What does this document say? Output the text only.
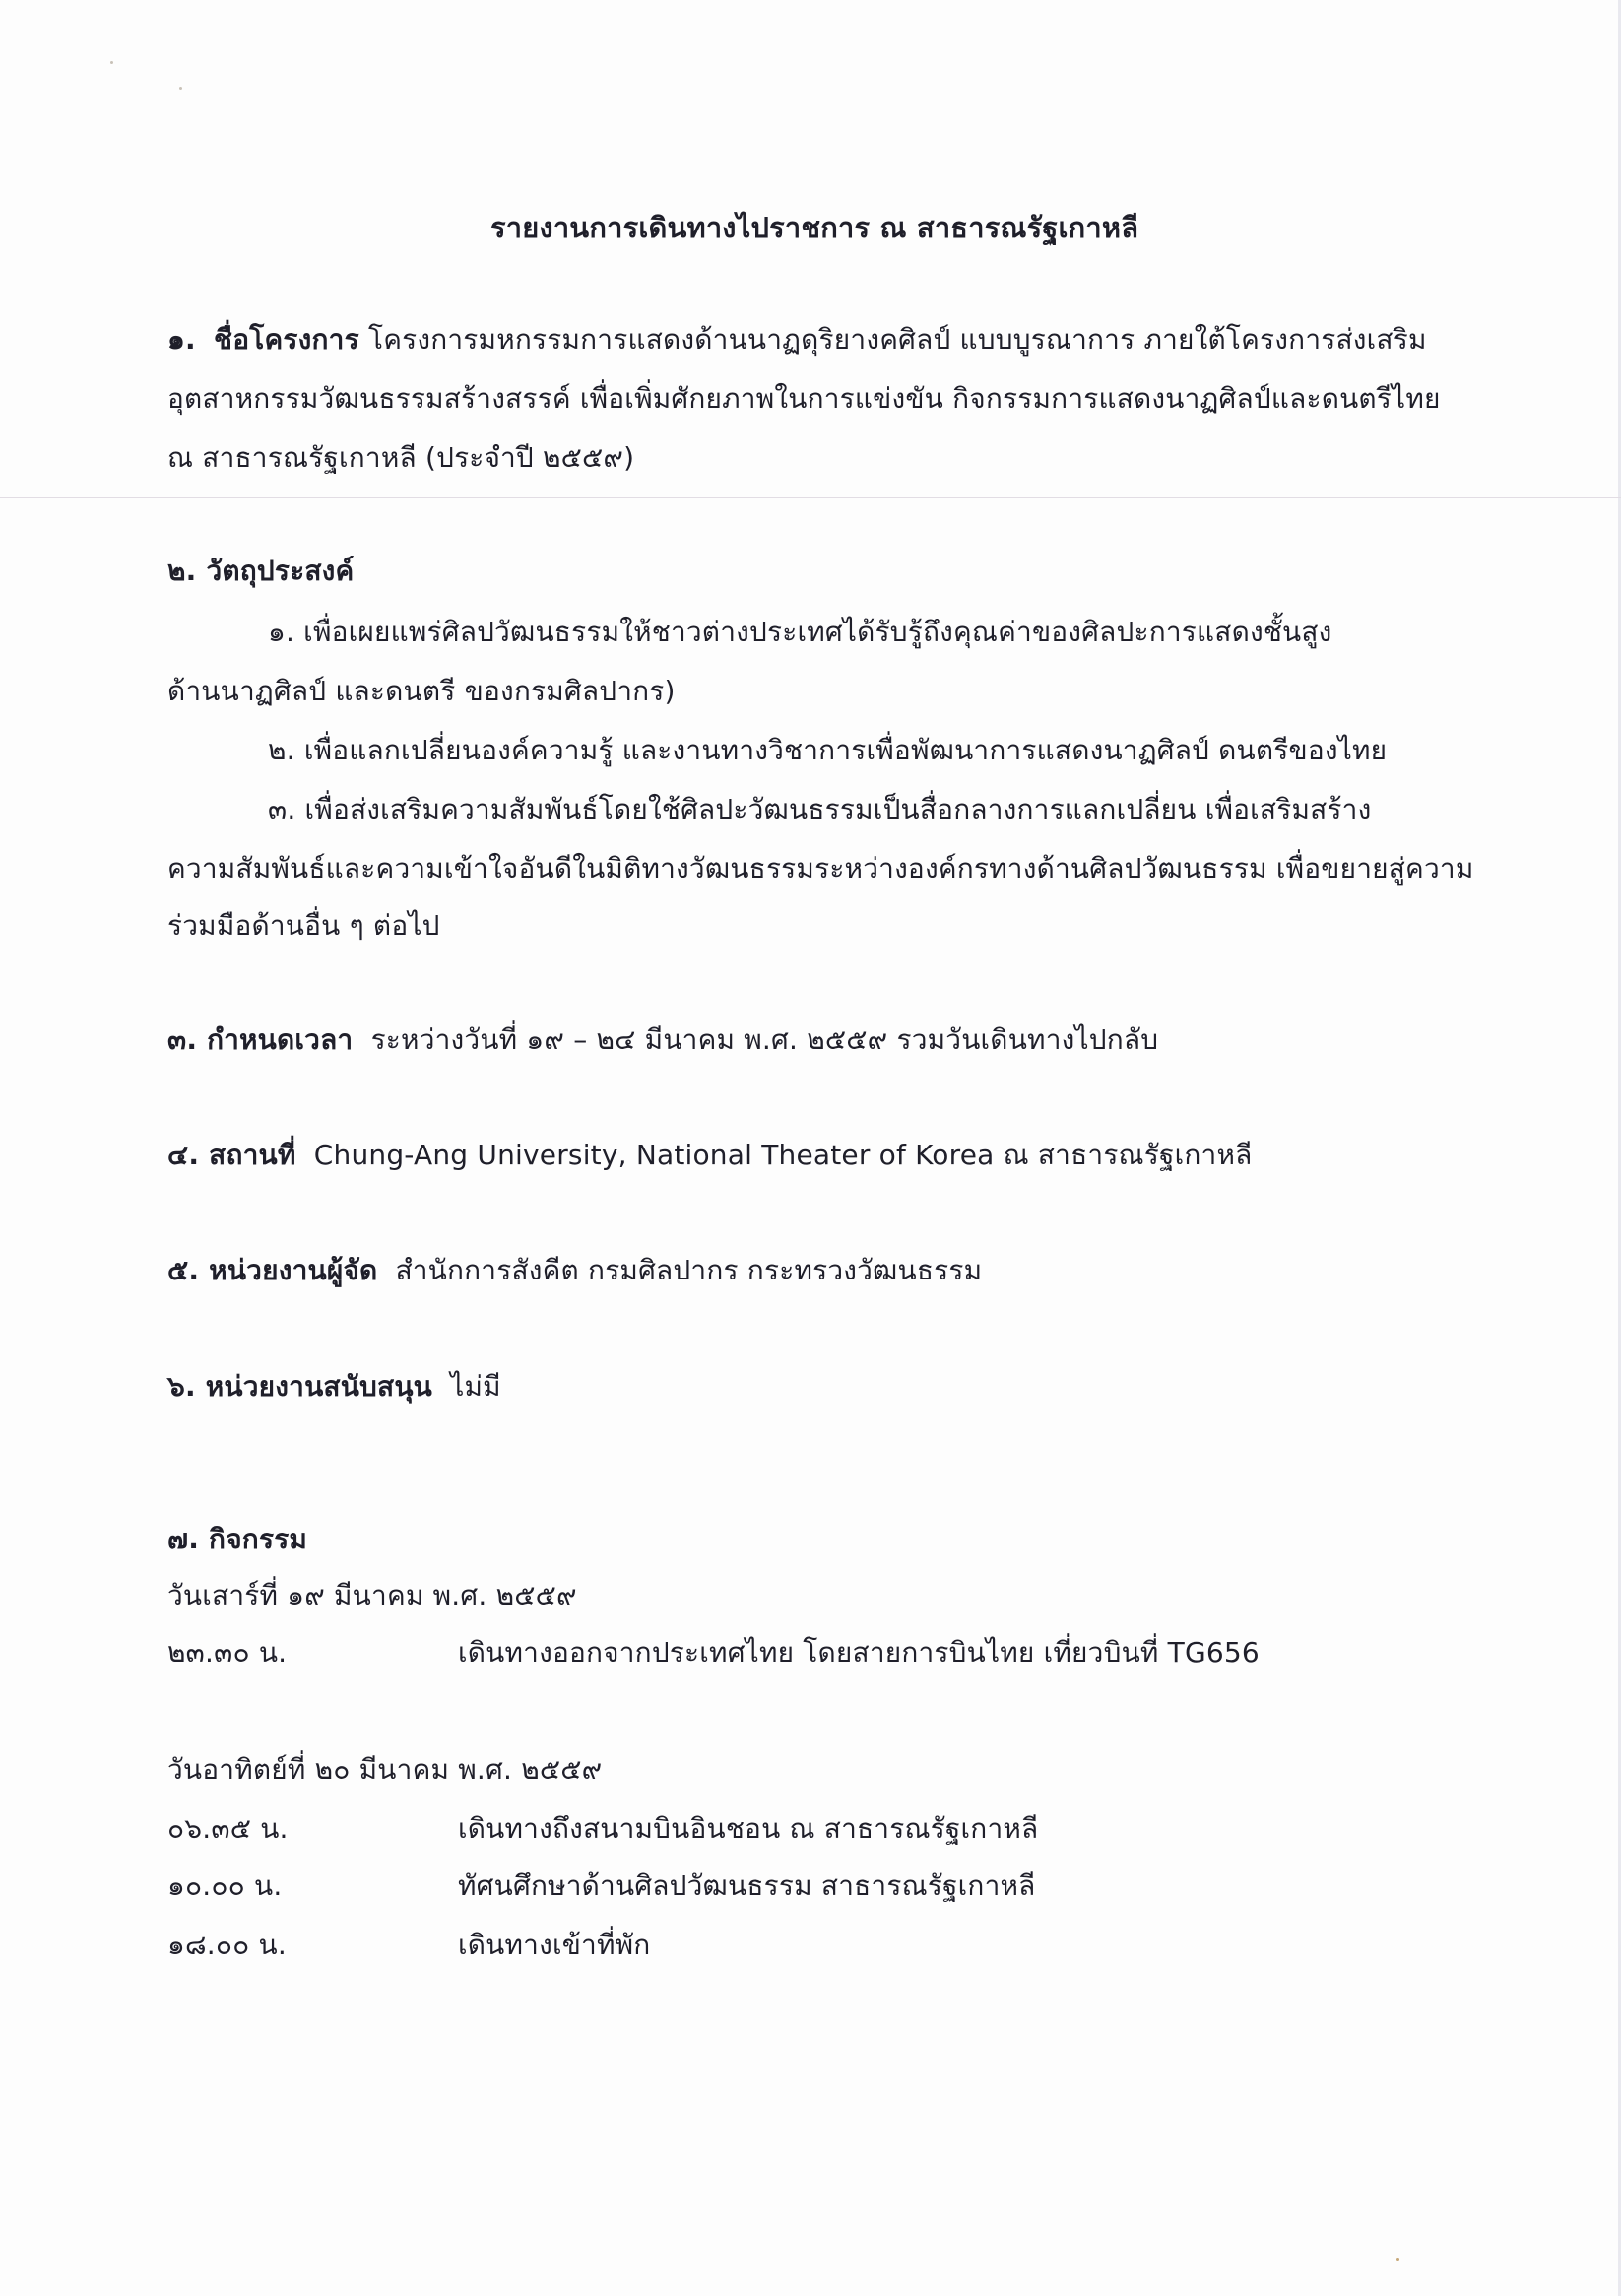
รายงานการเดินทางไปราชการ ณ สาธารณรัฐเกาหลี
๑. ชื่อโครงการ โครงการมหกรรมการแสดงด้านนาฏดุริยางคศิลป์ แบบบูรณาการ ภายใต้โครงการส่งเสริม
อุตสาหกรรมวัฒนธรรมสร้างสรรค์ เพื่อเพิ่มศักยภาพในการแข่งขัน กิจกรรมการแสดงนาฏศิลป์และดนตรีไทย
ณ สาธารณรัฐเกาหลี (ประจำปี ๒๕๕๙)
๒. วัตถุประสงค์
๑. เพื่อเผยแพร่ศิลปวัฒนธรรมให้ชาวต่างประเทศได้รับรู้ถึงคุณค่าของศิลปะการแสดงชั้นสูง
ด้านนาฏศิลป์ และดนตรี ของกรมศิลปากร)
๒. เพื่อแลกเปลี่ยนองค์ความรู้ และงานทางวิชาการเพื่อพัฒนาการแสดงนาฏศิลป์ ดนตรีของไทย
๓. เพื่อส่งเสริมความสัมพันธ์โดยใช้ศิลปะวัฒนธรรมเป็นสื่อกลางการแลกเปลี่ยน เพื่อเสริมสร้าง
ความสัมพันธ์และความเข้าใจอันดีในมิติทางวัฒนธรรมระหว่างองค์กรทางด้านศิลปวัฒนธรรม เพื่อขยายสู่ความ
ร่วมมือด้านอื่น ๆ ต่อไป
๓. กำหนดเวลา ระหว่างวันที่ ๑๙ – ๒๔ มีนาคม พ.ศ. ๒๕๕๙ รวมวันเดินทางไปกลับ
๔. สถานที่ Chung-Ang University, National Theater of Korea ณ สาธารณรัฐเกาหลี
๕. หน่วยงานผู้จัด สำนักการสังคีต กรมศิลปากร กระทรวงวัฒนธรรม
๖. หน่วยงานสนับสนุน ไม่มี
๗. กิจกรรม
วันเสาร์ที่ ๑๙ มีนาคม พ.ศ. ๒๕๕๙
๒๓.๓๐ น.	เดินทางออกจากประเทศไทย โดยสายการบินไทย เที่ยวบินที่ TG656
วันอาทิตย์ที่ ๒๐ มีนาคม พ.ศ. ๒๕๕๙
๐๖.๓๕ น.	เดินทางถึงสนามบินอินชอน ณ สาธารณรัฐเกาหลี
๑๐.๐๐ น.	ทัศนศึกษาด้านศิลปวัฒนธรรม สาธารณรัฐเกาหลี
๑๘.๐๐ น.	เดินทางเข้าที่พัก
